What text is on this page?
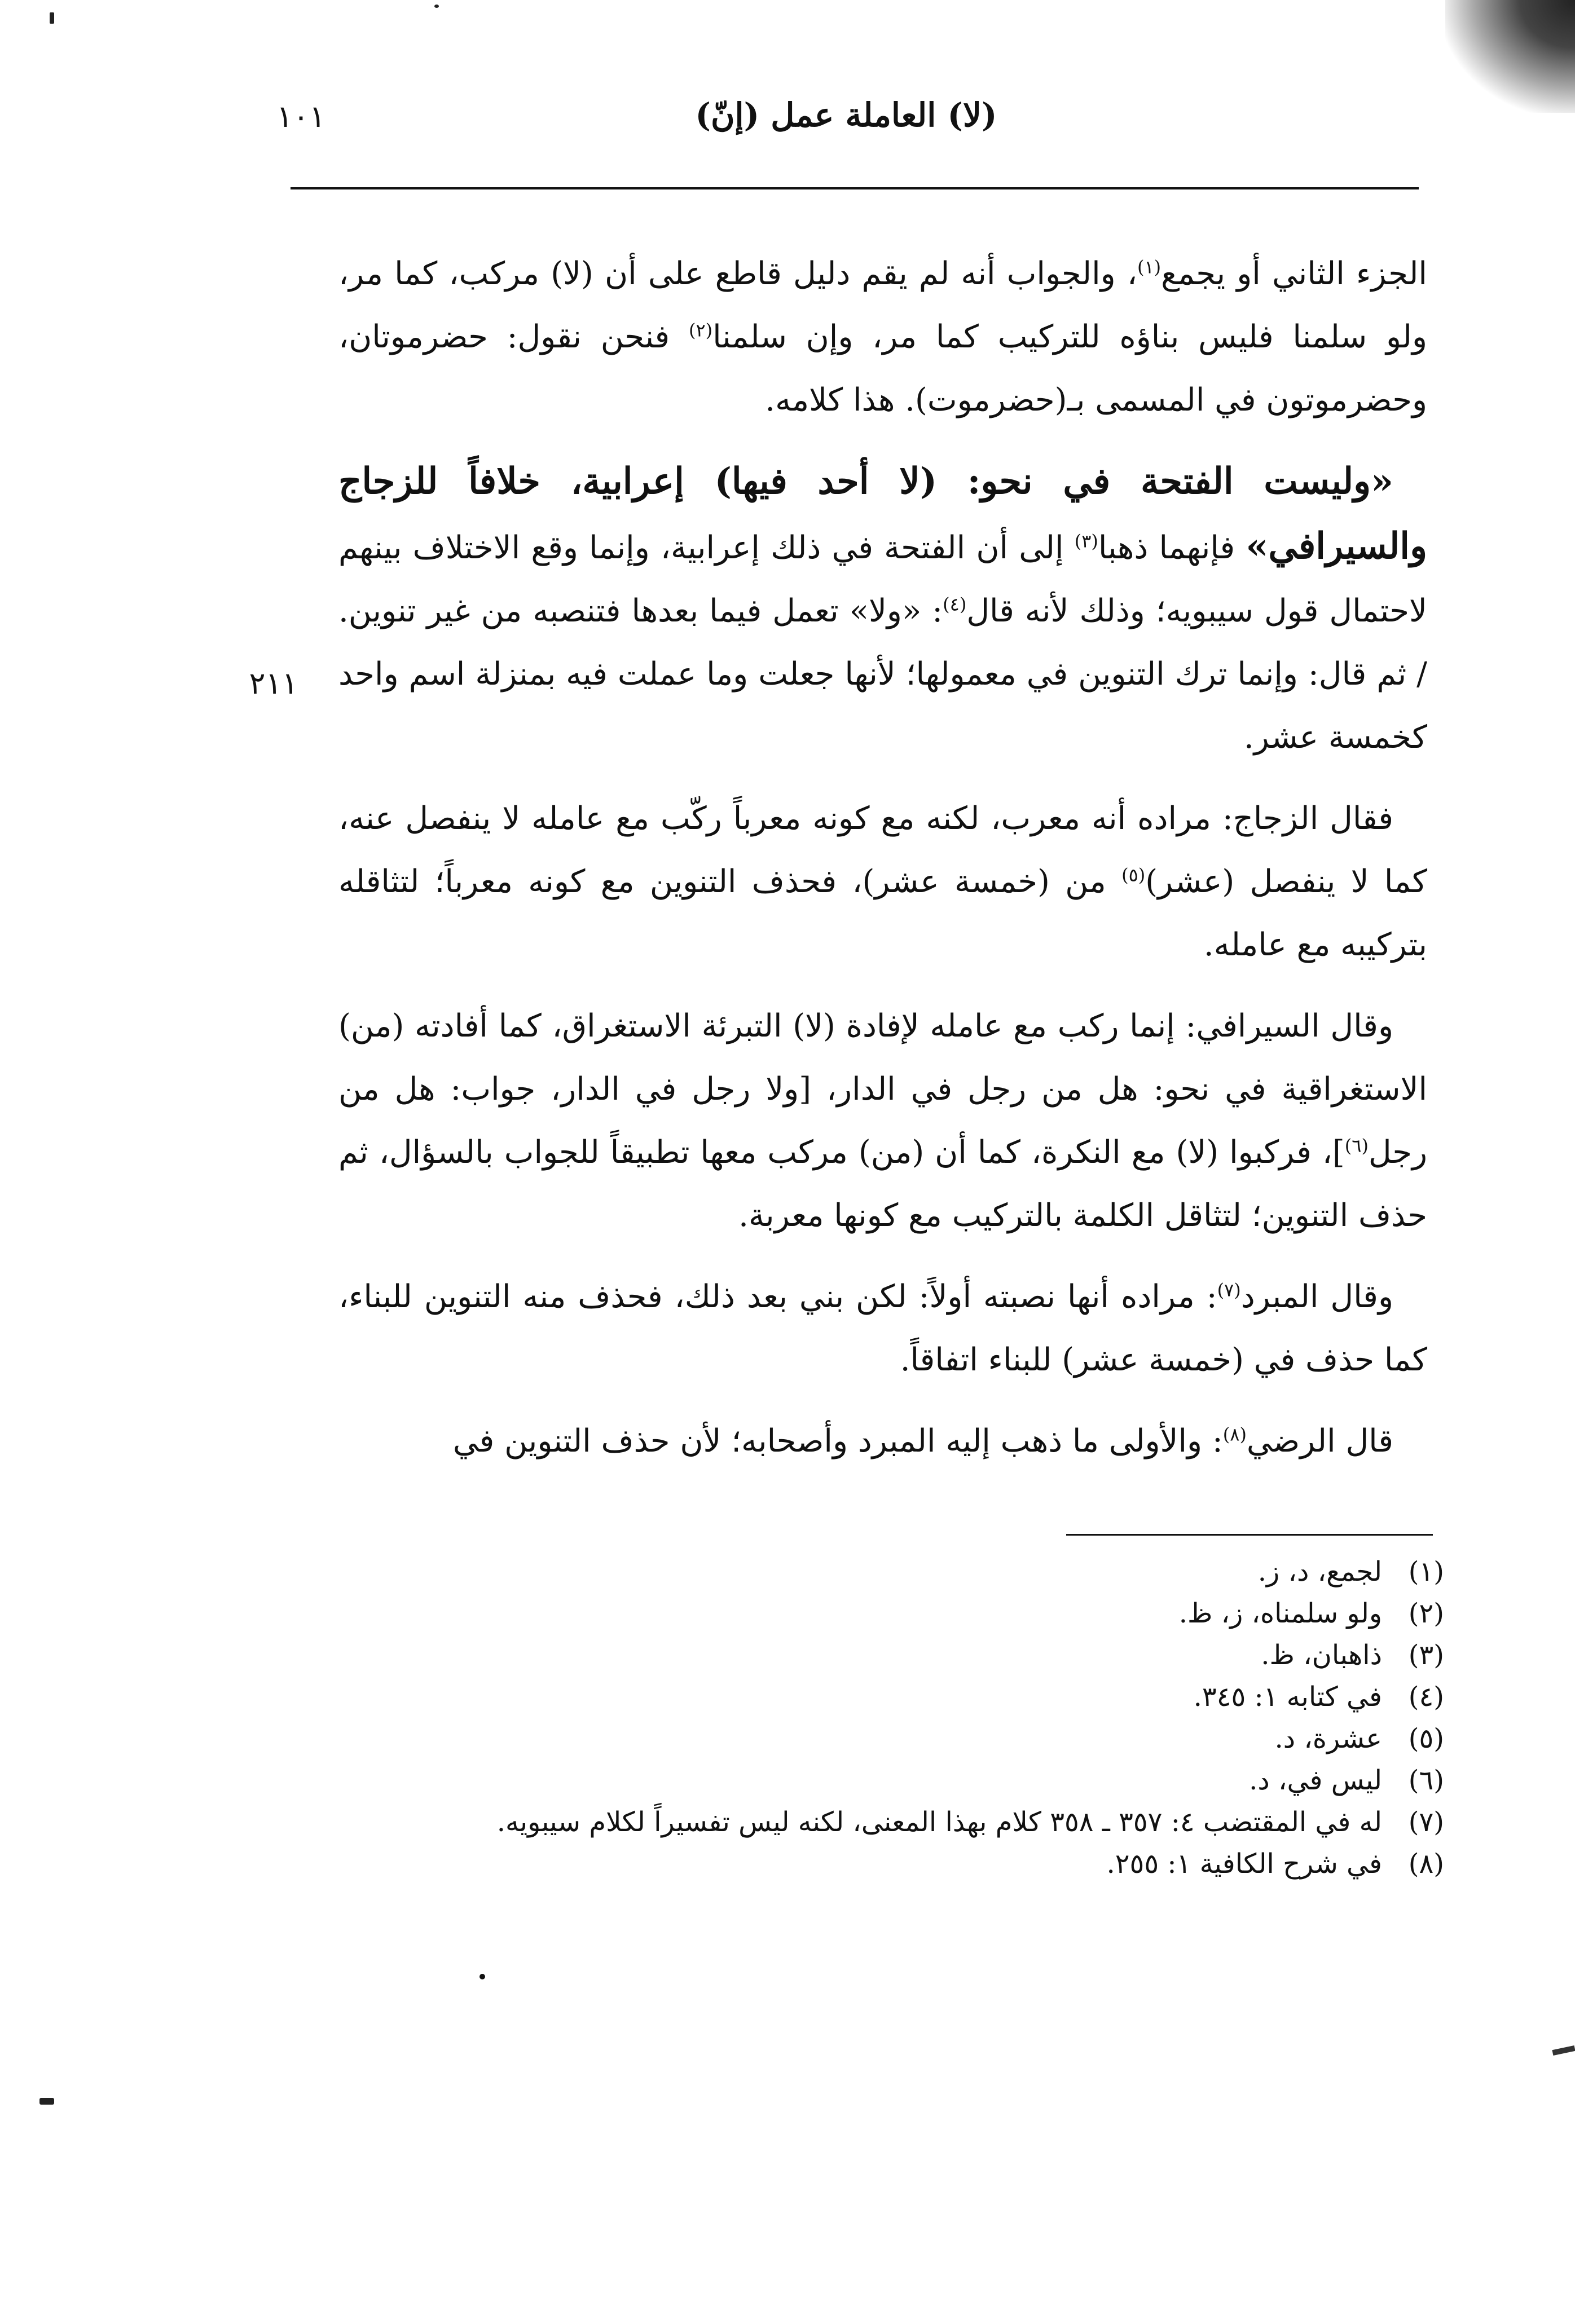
(لا) العاملة عمل (إنّ)
١٠١
٢١١

الجزء الثاني أو يجمع$^{(١)}$، والجواب أنه لم يقم دليل قاطع على أن (لا) مركب، كما مر، ولو سلمنا فليس بناؤه للتركيب كما مر، وإن سلمنا$^{(٢)}$ فنحن نقول: حضرموتان، وحضرموتون في المسمى بـ(حضرموت). هذا كلامه.

«وليست الفتحة في نحو: (لا أحد فيها) إعرابية، خلافاً للزجاج والسيرافي» فإنهما ذهبا$^{(٣)}$ إلى أن الفتحة في ذلك إعرابية، وإنما وقع الاختلاف بينهم لاحتمال قول سيبويه؛ وذلك لأنه قال$^{(٤)}$: «ولا» تعمل فيما بعدها فتنصبه من غير تنوين. / ثم قال: وإنما ترك التنوين في معمولها؛ لأنها جعلت وما عملت فيه بمنزلة اسم واحد كخمسة عشر.

فقال الزجاج: مراده أنه معرب، لكنه مع كونه معرباً ركّب مع عامله لا ينفصل عنه، كما لا ينفصل (عشر)$^{(٥)}$ من (خمسة عشر)، فحذف التنوين مع كونه معرباً؛ لتثاقله بتركيبه مع عامله.

وقال السيرافي: إنما ركب مع عامله لإفادة (لا) التبرئة الاستغراق، كما أفادته (من) الاستغراقية في نحو: هل من رجل في الدار، [ولا رجل في الدار، جواب: هل من رجل$^{(٦)}$]، فركبوا (لا) مع النكرة، كما أن (من) مركب معها تطبيقاً للجواب بالسؤال، ثم حذف التنوين؛ لتثاقل الكلمة بالتركيب مع كونها معربة.

وقال المبرد$^{(٧)}$: مراده أنها نصبته أولاً: لكن بني بعد ذلك، فحذف منه التنوين للبناء، كما حذف في (خمسة عشر) للبناء اتفاقاً.

قال الرضي$^{(٨)}$: والأولى ما ذهب إليه المبرد وأصحابه؛ لأن حذف التنوين في

(١)
لجمع، د، ز.
(٢)
ولو سلمناه، ز، ظ.
(٣)
ذاهبان، ظ.
(٤)
في كتابه ١: ٣٤٥.
(٥)
عشرة، د.
(٦)
ليس في، د.
(٧)
له في المقتضب ٤: ٣٥٧ ـ ٣٥٨ كلام بهذا المعنى، لكنه ليس تفسيراً لكلام سيبويه.
(٨)
في شرح الكافية ١: ٢٥٥.
